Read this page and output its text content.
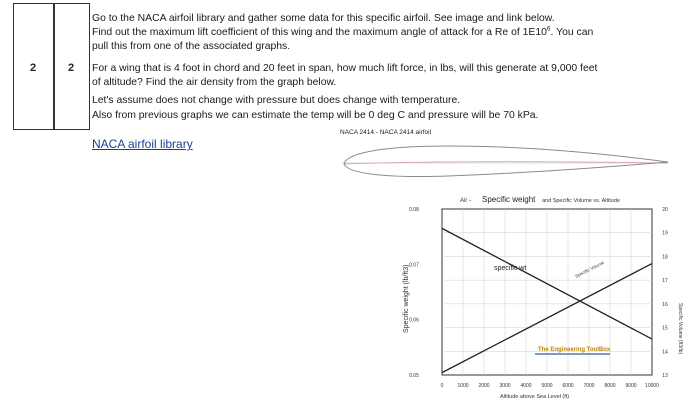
2	2
Go to the NACA airfoil library and gather some data for this specific airfoil. See image and link below.
Find out the maximum lift coefficient of this wing and the maximum angle of attack for a Re of $1E10^6$. You can
pull this from one of the associated graphs.
For a wing that is 4 foot in chord and 20 feet in span, how much lift force, in lbs, will this generate at 9,000 feet
of altitude? Find the air density from the graph below.
Let's assume does not change with pressure but does change with temperature.
Also from previous graphs we can estimate the temp will be 0 deg C and pressure will be 70 kPa.
NACA 2414 - NACA 2414 airfoil
NACA airfoil library
Air - Specific weight and Specific Volume vs. Altitude
0	1000 2000 3000 4000 5000 6000 7000 8000 9000 10000
13
14
15
16
17
18
19
20
0.05
0.06
0.07
0.08
specific wt	Specific Volume
The Engineering ToolBox
Specific weight (lb/ft3)	Specific Volume (ft3/lb)
Altitude above Sea Level (ft)
